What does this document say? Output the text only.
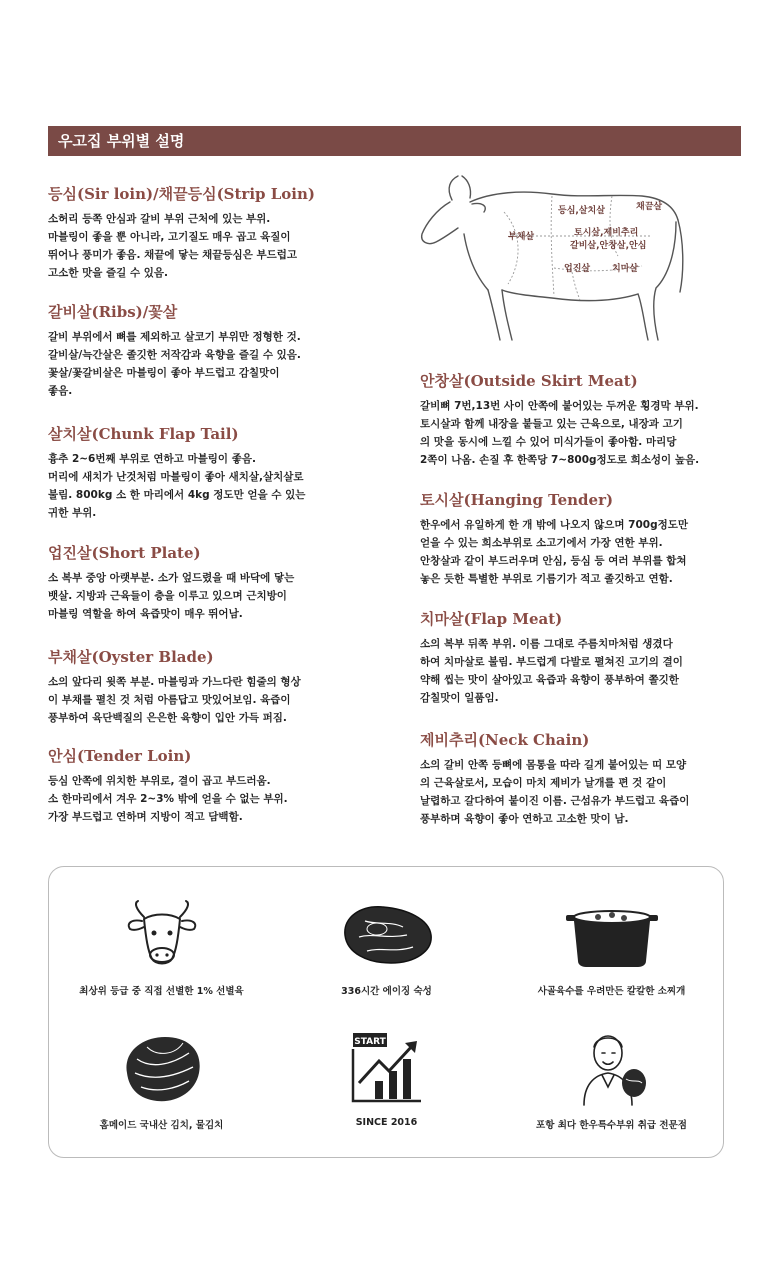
우고집 부위별 설명
등심(Sir loin)/채끝등심(Strip Loin)

소허리 등쪽 안심과 갈비 부위 근처에 있는 부위.

마블링이 좋을 뿐 아니라, 고기질도 매우 곱고 육질이

뛰어나 풍미가 좋음. 채끝에 닿는 채끝등심은 부드럽고

고소한 맛을 즐길 수 있음.

갈비살(Ribs)/꽃살

갈비 부위에서 뼈를 제외하고 살코기 부위만 정형한 것.

갈비살/늑간살은 졸깃한 저작감과 육향을 즐길 수 있음.

꽃살/꽃갈비살은 마블링이 좋아 부드럽고 감칠맛이

좋음.

살치살(Chunk Flap Tail)

흉추 2~6번째 부위로 연하고 마블링이 좋음.

머리에 새치가 난것처럼 마블링이 좋아 새치살,살치살로

불림. 800kg 소 한 마리에서 4kg 정도만 얻을 수 있는

귀한 부위.

업진살(Short Plate)

소 복부 중앙 아랫부분. 소가 엎드렸을 때 바닥에 닿는

뱃살. 지방과 근육들이 층을 이루고 있으며 근치방이

마블링 역할을 하여 육즙맛이 매우 뛰어남.

부채살(Oyster Blade)

소의 앞다리 윗쪽 부분. 마블링과 가느다란 힘줄의 형상

이 부채를 펼친 것 처럼 아름답고 맛있어보임. 육즙이

풍부하여 육단백질의 은은한 육향이 입안 가득 퍼짐.

안심(Tender Loin)

등심 안쪽에 위치한 부위로, 결이 곱고 부드러움.

소 한마리에서 겨우 2~3% 밖에 얻을 수 없는 부위.

가장 부드럽고 연하며 지방이 적고 담백함.

등심,살치살	채끝살
부채살	토시살,제비추리
갈비살,안창살,안심
업진살 치마살
안창살(Outside Skirt Meat)

갈비뼈 7번,13번 사이 안쪽에 붙어있는 두꺼운 횡경막 부위.

토시살과 함께 내장을 붙들고 있는 근육으로, 내장과 고기

의 맛을 동시에 느낄 수 있어 미식가들이 좋아함. 마리당

2쪽이 나옴. 손질 후 한쪽당 7~800g정도로 희소성이 높음.

토시살(Hanging Tender)

한우에서 유일하게 한 개 밖에 나오지 않으며 700g정도만

얻을 수 있는 희소부위로 소고기에서 가장 연한 부위.

안창살과 같이 부드러우며 안심, 등심 등 여러 부위를 합쳐

놓은 듯한 특별한 부위로 기름기가 적고 졸깃하고 연함.

치마살(Flap Meat)

소의 복부 뒤쪽 부위. 이름 그대로 주름치마처럼 생겼다

하여 치마살로 불림. 부드럽게 다발로 펼쳐진 고기의 결이

약해 씹는 맛이 살아있고 육즙과 육향이 풍부하여 쫄깃한

감칠맛이 일품임.

제비추리(Neck Chain)

소의 갈비 안쪽 등뼈에 몸통을 따라 길게 붙어있는 띠 모양

의 근육살로서, 모습이 마치 제비가 날개를 편 것 같이

날렵하고 갈다하여 붙이진 이름. 근섬유가 부드럽고 육즙이

풍부하며 육향이 좋아 연하고 고소한 맛이 남.

최상위 등급 중 직접 선별한 1% 선별육	336시간 에이징 숙성	사골육수를 우려만든 칼칼한 소찌개
홈메이드 국내산 김치, 물김치
START
SINCE 2016	포항 최다 한우특수부위 취급 전문점
